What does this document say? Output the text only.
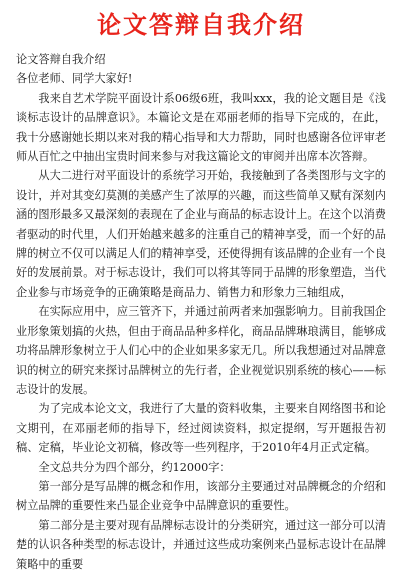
论文答辩自我介绍

论文答辩自我介绍

各位老师、同学大家好!

我来自艺术学院平面设计系06级6班，我叫xxx，我的论文题目是《浅谈标志设计的品牌意识》。本篇论文是在邓丽老师的指导下完成的，在此，我十分感谢她长期以来对我的精心指导和大力帮助，同时也感谢各位评审老师从百忙之中抽出宝贵时间来参与对我这篇论文的审阅并出席本次答辩。

从大二进行对平面设计的系统学习开始，我接触到了各类图形与文字的设计，并对其变幻莫测的美感产生了浓厚的兴趣，而这些简单又赋有深刻内涵的图形最多又最深刻的表现在了企业与商品的标志设计上。在这个以消费者驱动的时代里，人们开始越来越多的注重自己的精神享受，而一个好的品牌的树立不仅可以满足人们的精神享受，还使得拥有该品牌的企业有一个良好的发展前景。对于标志设计，我们可以将其等同于品牌的形象塑造，当代企业参与市场竞争的正确策略是商品力、销售力和形象力三轴组成，

在实际应用中，应三管齐下，并通过前两者来加强影响力。目前我国企业形象策划搞的火热，但由于商品品种多样化，商品品牌琳琅满目，能够成功将品牌形象树立于人们心中的企业如果多家无几。所以我想通过对品牌意识的树立的研究来探讨品牌树立的先行者，企业视觉识别系统的核心——标志设计的发展。

为了完成本论文文，我进行了大量的资料收集，主要来自网络图书和论文期刊，在邓丽老师的指导下，经过阅读资料，拟定提纲，写开题报告初稿、定稿，毕业论文初稿，修改等一些列程序，于2010年4月正式定稿。

全文总共分为四个部分，约12000字：

第一部分是写品牌的概念和作用，该部分主要通过对品牌概念的介绍和树立品牌的重要性来凸显企业竞争中品牌意识的重要性。

第二部分是主要对现有品牌标志设计的分类研究，通过这一部分可以清楚的认识各种类型的标志设计，并通过这些成功案例来凸显标志设计在品牌策略中的重要
